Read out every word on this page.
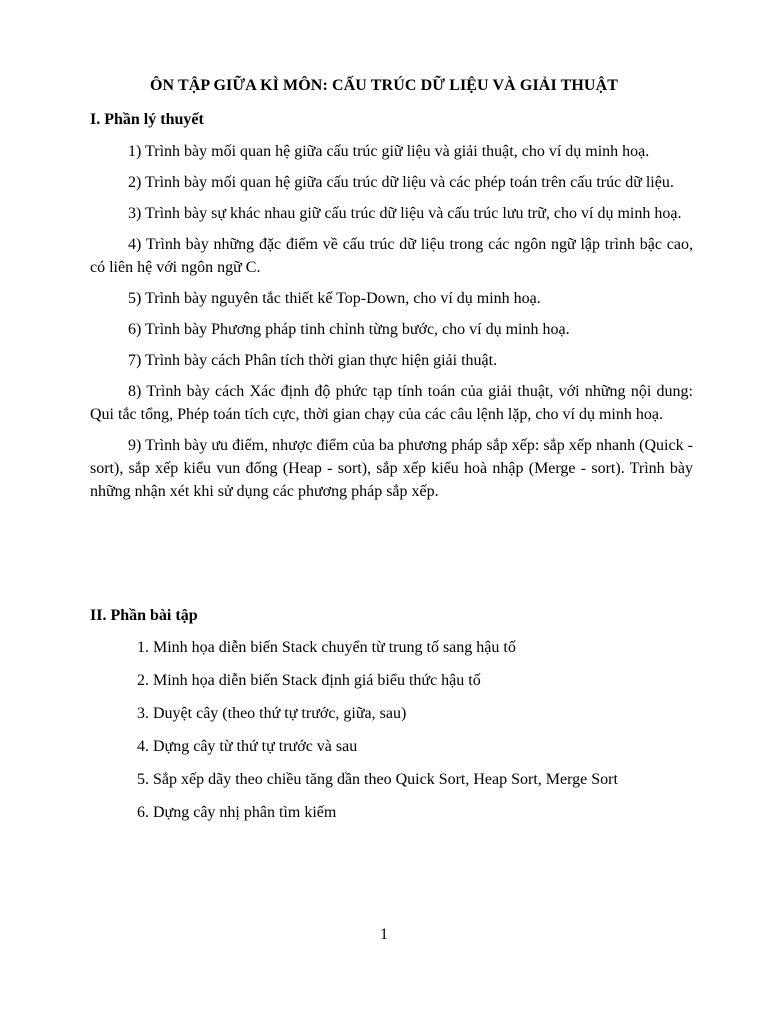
ÔN TẬP GIỮA KÌ MÔN: CẤU TRÚC DỮ LIỆU VÀ GIẢI THUẬT
I. Phần lý thuyết

1) Trình bày mối quan hệ giữa cấu trúc giữ liệu và giải thuật, cho ví dụ minh hoạ.

2) Trình bày mối quan hệ giữa cấu trúc dữ liệu và các phép toán trên cấu trúc dữ liệu.

3) Trình bày sự khác nhau giữ cấu trúc dữ liệu và cấu trúc lưu trữ, cho ví dụ minh hoạ.

4) Trình bày những đặc điểm về cấu trúc dữ liệu trong các ngôn ngữ lập trình bậc cao, có liên hệ với ngôn ngữ C.

5) Trình bày nguyên tắc thiết kế Top-Down, cho ví dụ minh hoạ.

6) Trình bày Phương pháp tinh chỉnh từng bước, cho ví dụ minh hoạ.

7) Trình bày cách Phân tích thời gian thực hiện giải thuật.

8) Trình bày cách Xác định độ phức tạp tính toán của giải thuật, với những nội dung: Qui tắc tổng, Phép toán tích cực, thời gian chạy của các câu lệnh lặp, cho ví dụ minh hoạ.

9) Trình bày ưu điểm, nhược điểm của ba phương pháp sắp xếp: sắp xếp nhanh (Quick - sort), sắp xếp kiểu vun đống (Heap - sort), sắp xếp kiểu hoà nhập (Merge - sort). Trình bày những nhận xét khi sử dụng các phương pháp sắp xếp.

II. Phần bài tập
1. Minh họa diễn biến Stack chuyển từ trung tố sang hậu tố
2. Minh họa diễn biến Stack định giá biểu thức hậu tố
3. Duyệt cây (theo thứ tự trước, giữa, sau)
4. Dựng cây từ thứ tự trước và sau
5. Sắp xếp dãy theo chiều tăng dần theo Quick Sort, Heap Sort, Merge Sort
6. Dựng cây nhị phân tìm kiếm
1
